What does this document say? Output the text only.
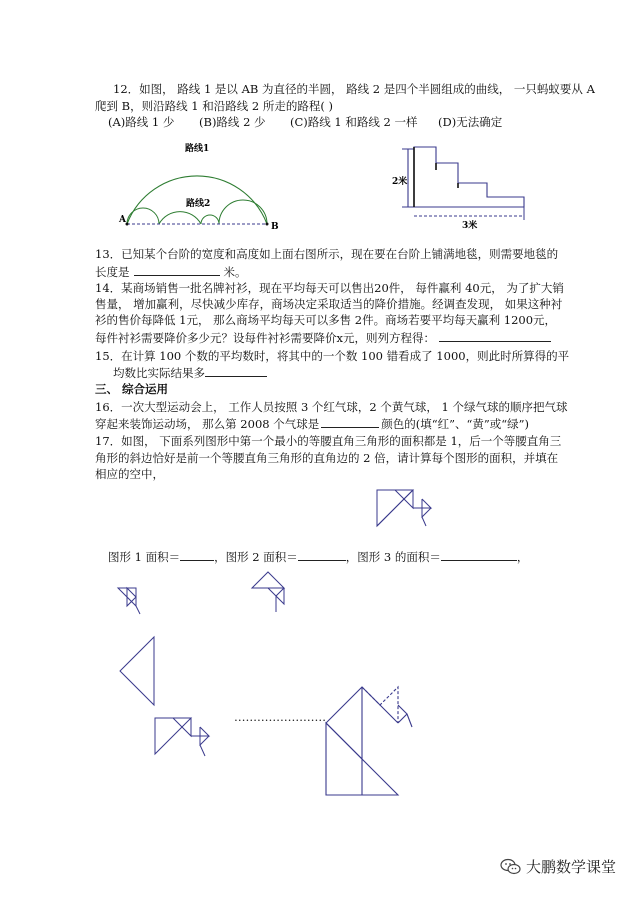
12．如图， 路线 1 是以 AB 为直径的半圆， 路线 2 是四个半圆组成的曲线， 一只蚂蚁要从 A
爬到 B，则沿路线 1 和沿路线 2 所走的路程( )
(A)路线 1 少 (B)路线 2 少 (C)路线 1 和路线 2 一样 (D)无法确定
路线1
路线2
A
B
2米
3米
13．已知某个台阶的宽度和高度如上面右图所示，现在要在台阶上铺满地毯，则需要地毯的
长度是	米。
14．某商场销售一批名牌衬衫，现在平均每天可以售出20件， 每件赢利 40元， 为了扩大销
售量， 增加赢利，尽快减少库存，商场决定采取适当的降价措施。经调查发现， 如果这种衬
衫的售价每降低 1元， 那么商场平均每天可以多售 2件。商场若要平均每天赢利 1200元，
每件衬衫需要降价多少元？设每件衬衫需要降价x元，则列方程得：
15．在计算 100 个数的平均数时，将其中的一个数 100 错看成了 1000，则此时所算得的平
均数比实际结果多
三、 综合运用
16．一次大型运动会上， 工作人员按照 3 个红气球，2 个黄气球， 1 个绿气球的顺序把气球
穿起来装饰运动场， 那么第 2008 个气球是	颜色的(填“红”、“黄”或“绿”)
17．如图， 下面系列图形中第一个最小的等腰直角三角形的面积都是 1，后一个等腰直角三
角形的斜边恰好是前一个等腰直角三角形的直角边的 2 倍，请计算每个图形的面积，并填在
相应的空中，
图形 1 面积＝	，图形 2 面积＝	，图形 3 的面积＝	，
……………………
大鹏数学课堂
